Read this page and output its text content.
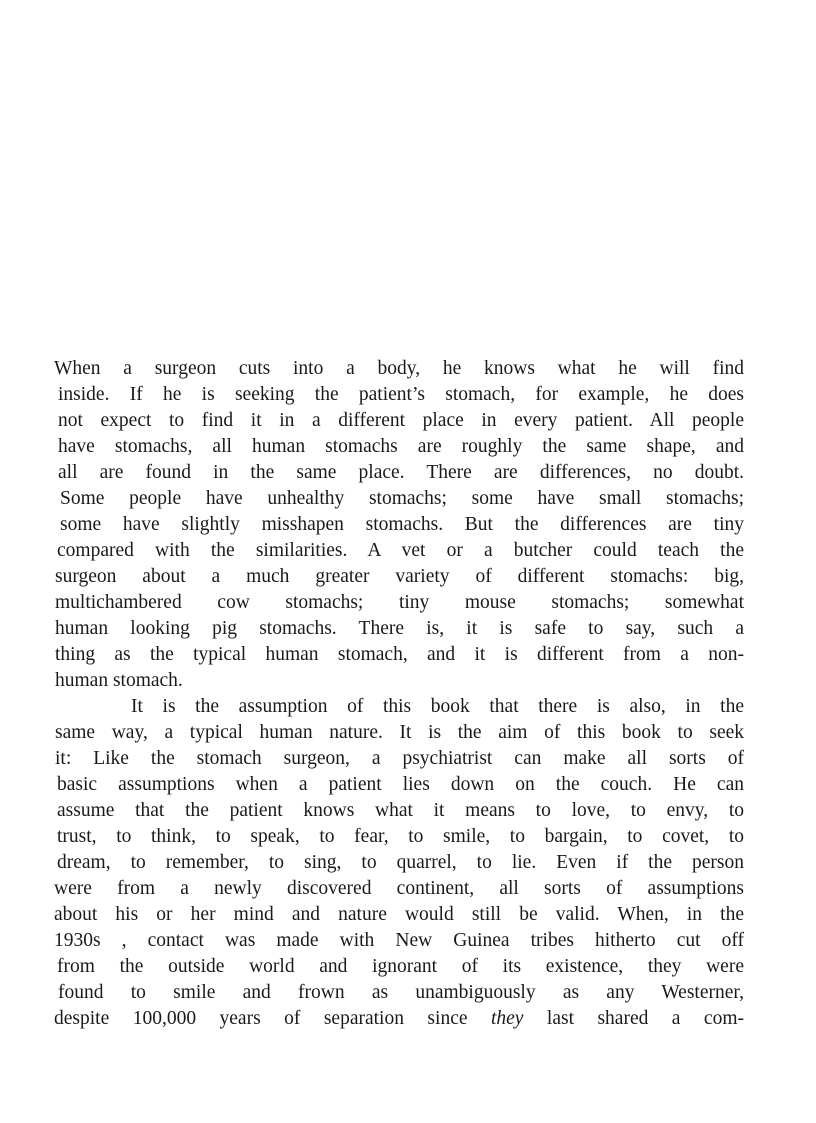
When a surgeon cuts into a body, he knows what he will find
inside. If he is seeking the patient’s stomach, for example, he does
not expect to find it in a different place in every patient. All people
have stomachs, all human stomachs are roughly the same shape, and
all are found in the same place. There are differences, no doubt.
Some people have unhealthy stomachs; some have small stomachs;
some have slightly misshapen stomachs. But the differences are tiny
compared with the similarities. A vet or a butcher could teach the
surgeon about a much greater variety of different stomachs: big,
multichambered cow stomachs; tiny mouse stomachs; somewhat
human looking pig stomachs. There is, it is safe to say, such a
thing as the typical human stomach, and it is different from a non-
human stomach.
It is the assumption of this book that there is also, in the
same way, a typical human nature. It is the aim of this book to seek
it: Like the stomach surgeon, a psychiatrist can make all sorts of
basic assumptions when a patient lies down on the couch. He can
assume that the patient knows what it means to love, to envy, to
trust, to think, to speak, to fear, to smile, to bargain, to covet, to
dream, to remember, to sing, to quarrel, to lie. Even if the person
were from a newly discovered continent, all sorts of assumptions
about his or her mind and nature would still be valid. When, in the
1930s , contact was made with New Guinea tribes hitherto cut off
from the outside world and ignorant of its existence, they were
found to smile and frown as unambiguously as any Westerner,
despite 100,000 years of separation since they last shared a com-
